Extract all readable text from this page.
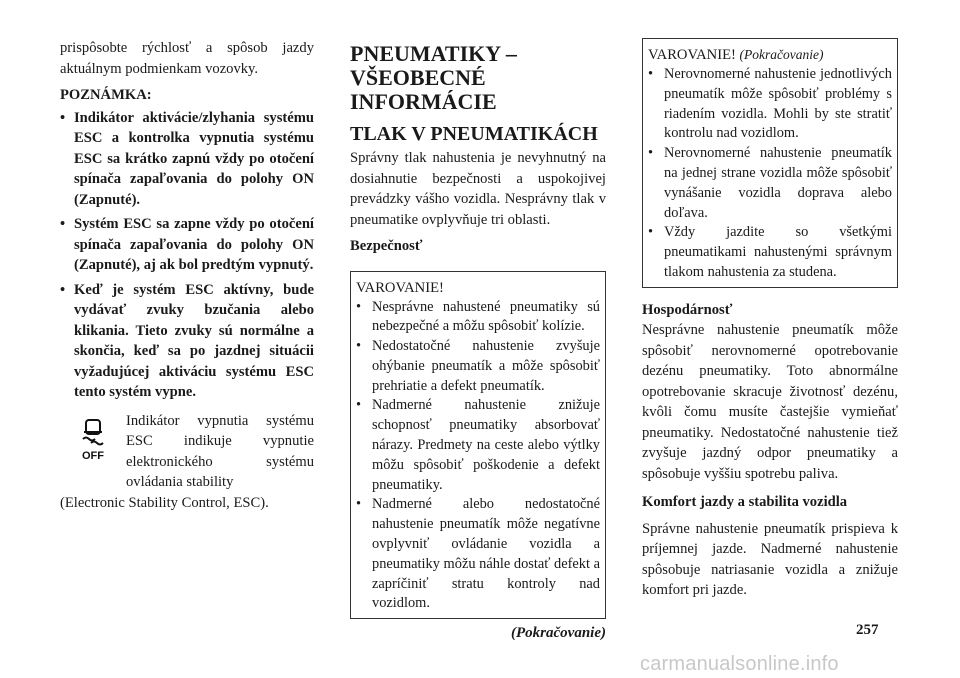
prispôsobte rýchlosť a spôsob jazdy aktuálnym podmienkam vozovky.

POZNÁMKA:

• Indikátor aktivácie/zlyhania systému ESC a kontrolka vypnutia systému ESC sa krátko zapnú vždy po otočení spínača zapaľovania do polohy ON (Zapnuté).
• Systém ESC sa zapne vždy po otočení spínača zapaľovania do polohy ON (Zapnuté), aj ak bol predtým vypnutý.
• Keď je systém ESC aktívny, bude vydávať zvuky bzučania alebo klikania. Tieto zvuky sú normálne a skončia, keď sa po jazdnej situácii vyžadujúcej aktiváciu systému ESC tento systém vypne.
OFF

Indikátor vypnutia systému ESC indikuje vypnutie elektronického systému ovládania stability

(Electronic Stability Control, ESC).

PNEUMATIKY –
VŠEOBECNÉ
INFORMÁCIE
TLAK V PNEUMATIKÁCH

Správny tlak nahustenia je nevyhnutný na dosiahnutie bezpečnosti a uspokojivej prevádzky vášho vozidla. Nesprávny tlak v pneumatike ovplyvňuje tri oblasti.

Bezpečnosť

VAROVANIE!
• Nesprávne nahustené pneumatiky sú nebezpečné a môžu spôsobiť kolízie.
• Nedostatočné nahustenie zvyšuje ohýbanie pneumatík a môže spôsobiť prehriatie a defekt pneumatík.
• Nadmerné nahustenie znižuje schopnosť pneumatiky absorbovať nárazy. Predmety na ceste alebo výtlky môžu spôsobiť poškodenie a defekt pneumatiky.
• Nadmerné alebo nedostatočné nahustenie pneumatík môže negatívne ovplyvniť ovládanie vozidla a pneumatiky môžu náhle dostať defekt a zapríčiniť stratu kontroly nad vozidlom.
(Pokračovanie)
VAROVANIE! (Pokračovanie)
• Nerovnomerné nahustenie jednotlivých pneumatík môže spôsobiť problémy s riadením vozidla. Mohli by ste stratiť kontrolu nad vozidlom.
• Nerovnomerné nahustenie pneumatík na jednej strane vozidla môže spôsobiť vynášanie vozidla doprava alebo doľava.
• Vždy jazdite so všetkými pneumatikami nahustenými správnym tlakom nahustenia za studena.

Hospodárnosť

Nesprávne nahustenie pneumatík môže spôsobiť nerovnomerné opotrebovanie dezénu pneumatiky. Toto abnormálne opotrebovanie skracuje životnosť dezénu, kvôli čomu musíte častejšie vymieňať pneumatiky. Nedostatočné nahustenie tiež zvyšuje jazdný odpor pneumatiky a spôsobuje vyššiu spotrebu paliva.

Komfort jazdy a stabilita vozidla

Správne nahustenie pneumatík prispieva k príjemnej jazde. Nadmerné nahustenie spôsobuje natriasanie vozidla a znižuje komfort pri jazde.

257
carmanualsonline.info
